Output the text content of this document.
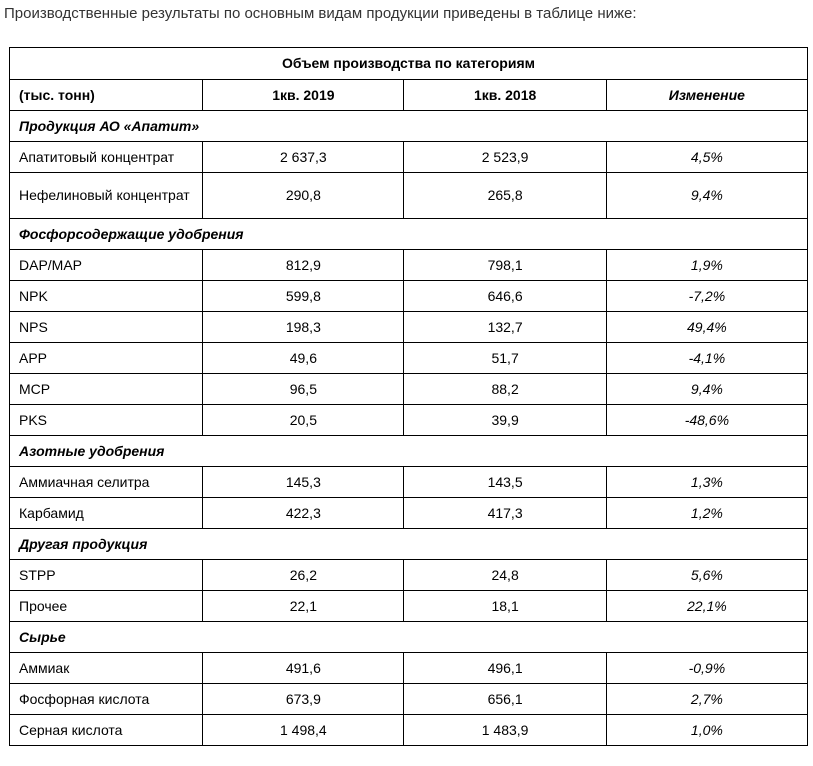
Производственные результаты по основным видам продукции приведены в таблице ниже:

Объем производства по категориям			
(тыс. тонн)	1кв. 2019	1кв. 2018	Изменение
Продукция АО «Апатит»			
Апатитовый концентрат	2 637,3	2 523,9	4,5%
Нефелиновый концентрат	290,8	265,8	9,4%
Фосфорсодержащие удобрения			
DAP/MAP	812,9	798,1	1,9%
NPK	599,8	646,6	-7,2%
NPS	198,3	132,7	49,4%
APP	49,6	51,7	-4,1%
MCP	96,5	88,2	9,4%
PKS	20,5	39,9	-48,6%
Азотные удобрения			
Аммиачная селитра	145,3	143,5	1,3%
Карбамид	422,3	417,3	1,2%
Другая продукция			
STPP	26,2	24,8	5,6%
Прочее	22,1	18,1	22,1%
Сырье			
Аммиак	491,6	496,1	-0,9%
Фосфорная кислота	673,9	656,1	2,7%
Серная кислота	1 498,4	1 483,9	1,0%
